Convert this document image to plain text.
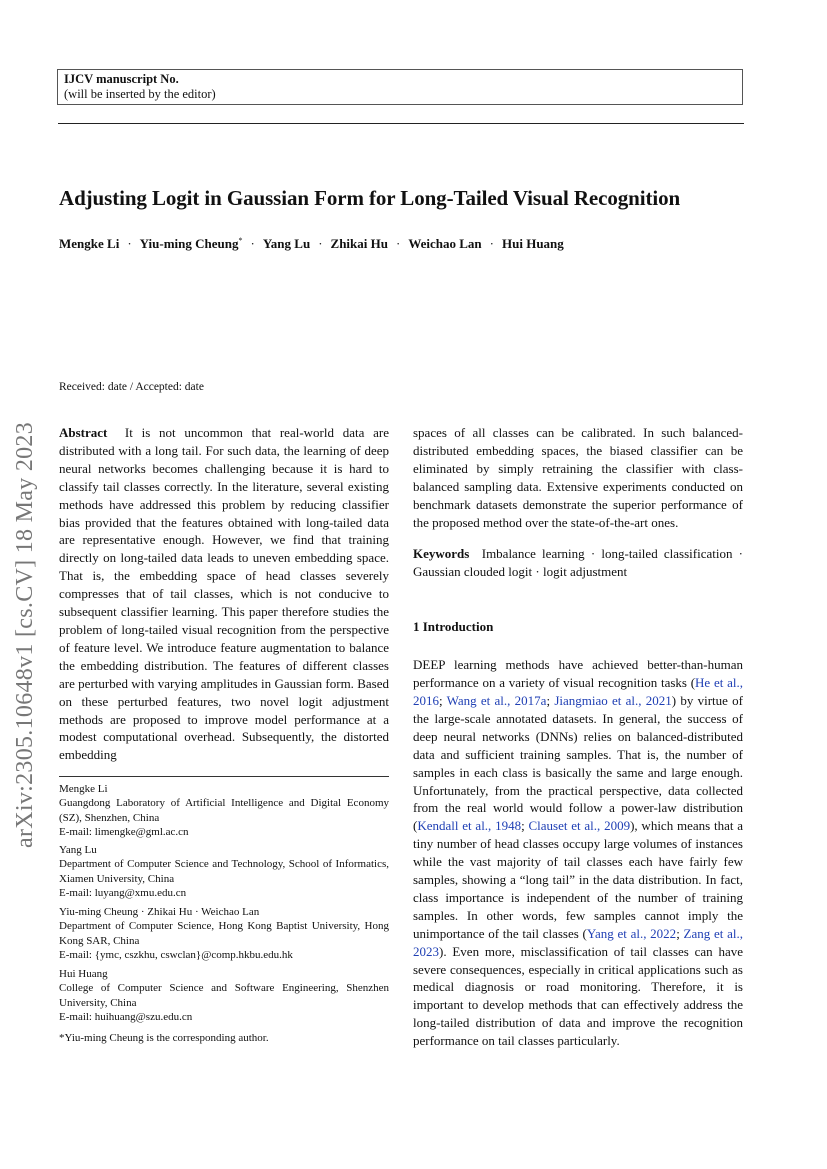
IJCV manuscript No.
(will be inserted by the editor)
Adjusting Logit in Gaussian Form for Long-Tailed Visual Recognition
Mengke Li · Yiu-ming Cheung* · Yang Lu · Zhikai Hu · Weichao Lan · Hui Huang
arXiv:2305.10648v1 [cs.CV] 18 May 2023
Received: date / Accepted: date

Abstract It is not uncommon that real-world data are distributed with a long tail. For such data, the learning of deep neural networks becomes challenging because it is hard to classify tail classes correctly. In the literature, several existing methods have addressed this problem by reducing classifier bias provided that the features obtained with long-tailed data are representative enough. However, we find that training directly on long-tailed data leads to uneven embedding space. That is, the embedding space of head classes severely compresses that of tail classes, which is not conducive to subsequent classifier learning. This paper therefore studies the problem of long-tailed visual recognition from the perspective of feature level. We introduce feature augmentation to balance the embedding distribution. The features of different classes are perturbed with varying amplitudes in Gaussian form. Based on these perturbed features, two novel logit adjustment methods are proposed to improve model performance at a modest computational overhead. Subsequently, the distorted embedding

Mengke Li
Guangdong Laboratory of Artificial Intelligence and Digital Economy (SZ), Shenzhen, China
E-mail: limengke@gml.ac.cn
Yang Lu
Department of Computer Science and Technology, School of Informatics, Xiamen University, China
E-mail: luyang@xmu.edu.cn
Yiu-ming Cheung · Zhikai Hu · Weichao Lan
Department of Computer Science, Hong Kong Baptist University, Hong Kong SAR, China
E-mail: {ymc, cszkhu, cswclan}@comp.hkbu.edu.hk
Hui Huang
College of Computer Science and Software Engineering, Shenzhen University, China
E-mail: huihuang@szu.edu.cn
*Yiu-ming Cheung is the corresponding author.

spaces of all classes can be calibrated. In such balanced-distributed embedding spaces, the biased classifier can be eliminated by simply retraining the classifier with class-balanced sampling data. Extensive experiments conducted on benchmark datasets demonstrate the superior performance of the proposed method over the state-of-the-art ones.

Keywords Imbalance learning · long-tailed classification · Gaussian clouded logit · logit adjustment

1 Introduction

DEEP learning methods have achieved better-than-human performance on a variety of visual recognition tasks (He et al., 2016; Wang et al., 2017a; Jiangmiao et al., 2021) by virtue of the large-scale annotated datasets. In general, the success of deep neural networks (DNNs) relies on balanced-distributed data and sufficient training samples. That is, the number of samples in each class is basically the same and large enough. Unfortunately, from the practical perspective, data collected from the real world would follow a power-law distribution (Kendall et al., 1948; Clauset et al., 2009), which means that a tiny number of head classes occupy large volumes of instances while the vast majority of tail classes each have fairly few samples, showing a “long tail” in the data distribution. In fact, class importance is independent of the number of training samples. In other words, few samples cannot imply the unimportance of the tail classes (Yang et al., 2022; Zang et al., 2023). Even more, misclassification of tail classes can have severe consequences, especially in critical applications such as medical diagnosis or road monitoring. Therefore, it is important to develop methods that can effectively address the long-tailed distribution of data and improve the recognition performance on tail classes particularly.
